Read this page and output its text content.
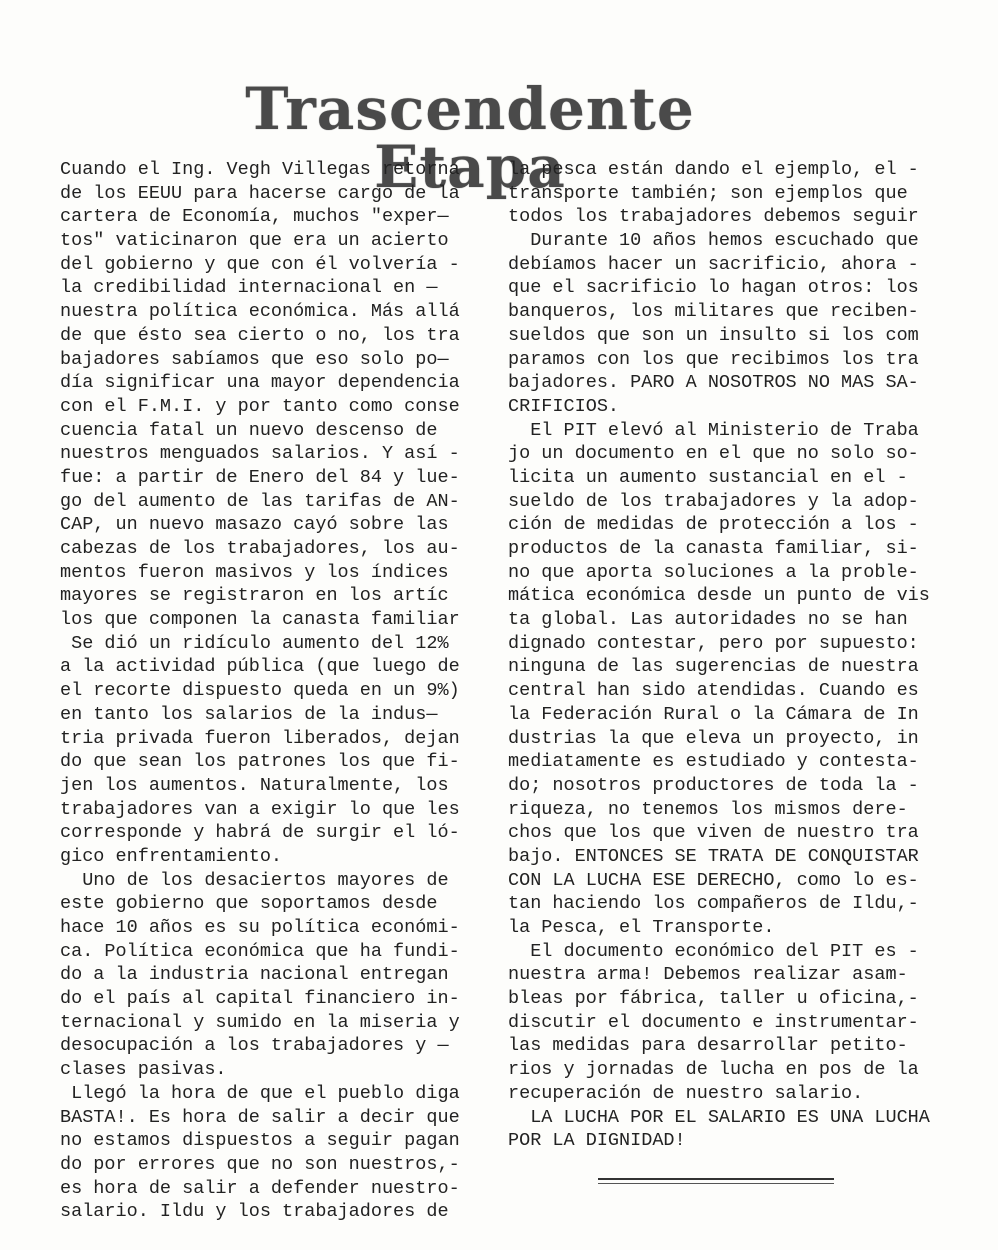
Trascendente Etapa
Cuando el Ing. Vegh Villegas retorna
de los EEUU para hacerse cargo de la
cartera de Economía, muchos "exper—
tos" vaticinaron que era un acierto
del gobierno y que con él volvería -
la credibilidad internacional en —
nuestra política económica. Más allá
de que ésto sea cierto o no, los tra
bajadores sabíamos que eso solo po—
día significar una mayor dependencia
con el F.M.I. y por tanto como conse
cuencia fatal un nuevo descenso de
nuestros menguados salarios. Y así -
fue: a partir de Enero del 84 y lue-
go del aumento de las tarifas de AN-
CAP, un nuevo masazo cayó sobre las
cabezas de los trabajadores, los au-
mentos fueron masivos y los índices
mayores se registraron en los artíc
los que componen la canasta familiar
Se dió un ridículo aumento del 12%
a la actividad pública (que luego de
el recorte dispuesto queda en un 9%)
en tanto los salarios de la indus—
tria privada fueron liberados, dejan
do que sean los patrones los que fi-
jen los aumentos. Naturalmente, los
trabajadores van a exigir lo que les
corresponde y habrá de surgir el ló-
gico enfrentamiento.
Uno de los desaciertos mayores de
este gobierno que soportamos desde
hace 10 años es su política económi-
ca. Política económica que ha fundi-
do a la industria nacional entregan
do el país al capital financiero in-
ternacional y sumido en la miseria y
desocupación a los trabajadores y —
clases pasivas.
Llegó la hora de que el pueblo diga
BASTA!. Es hora de salir a decir que
no estamos dispuestos a seguir pagan
do por errores que no son nuestros,-
es hora de salir a defender nuestro-
salario. Ildu y los trabajadores de
la pesca están dando el ejemplo, el -
transporte también; son ejemplos que
todos los trabajadores debemos seguir
Durante 10 años hemos escuchado que
debíamos hacer un sacrificio, ahora -
que el sacrificio lo hagan otros: los
banqueros, los militares que reciben-
sueldos que son un insulto si los com
paramos con los que recibimos los tra
bajadores. PARO A NOSOTROS NO MAS SA-
CRIFICIOS.
El PIT elevó al Ministerio de Traba
jo un documento en el que no solo so-
licita un aumento sustancial en el -
sueldo de los trabajadores y la adop-
ción de medidas de protección a los -
productos de la canasta familiar, si-
no que aporta soluciones a la proble-
mática económica desde un punto de vis
ta global. Las autoridades no se han
dignado contestar, pero por supuesto:
ninguna de las sugerencias de nuestra
central han sido atendidas. Cuando es
la Federación Rural o la Cámara de In
dustrias la que eleva un proyecto, in
mediatamente es estudiado y contesta-
do; nosotros productores de toda la -
riqueza, no tenemos los mismos dere-
chos que los que viven de nuestro tra
bajo. ENTONCES SE TRATA DE CONQUISTAR
CON LA LUCHA ESE DERECHO, como lo es-
tan haciendo los compañeros de Ildu,-
la Pesca, el Transporte.
El documento económico del PIT es -
nuestra arma! Debemos realizar asam-
bleas por fábrica, taller u oficina,-
discutir el documento e instrumentar-
las medidas para desarrollar petito-
rios y jornadas de lucha en pos de la
recuperación de nuestro salario.
LA LUCHA POR EL SALARIO ES UNA LUCHA
POR LA DIGNIDAD!
